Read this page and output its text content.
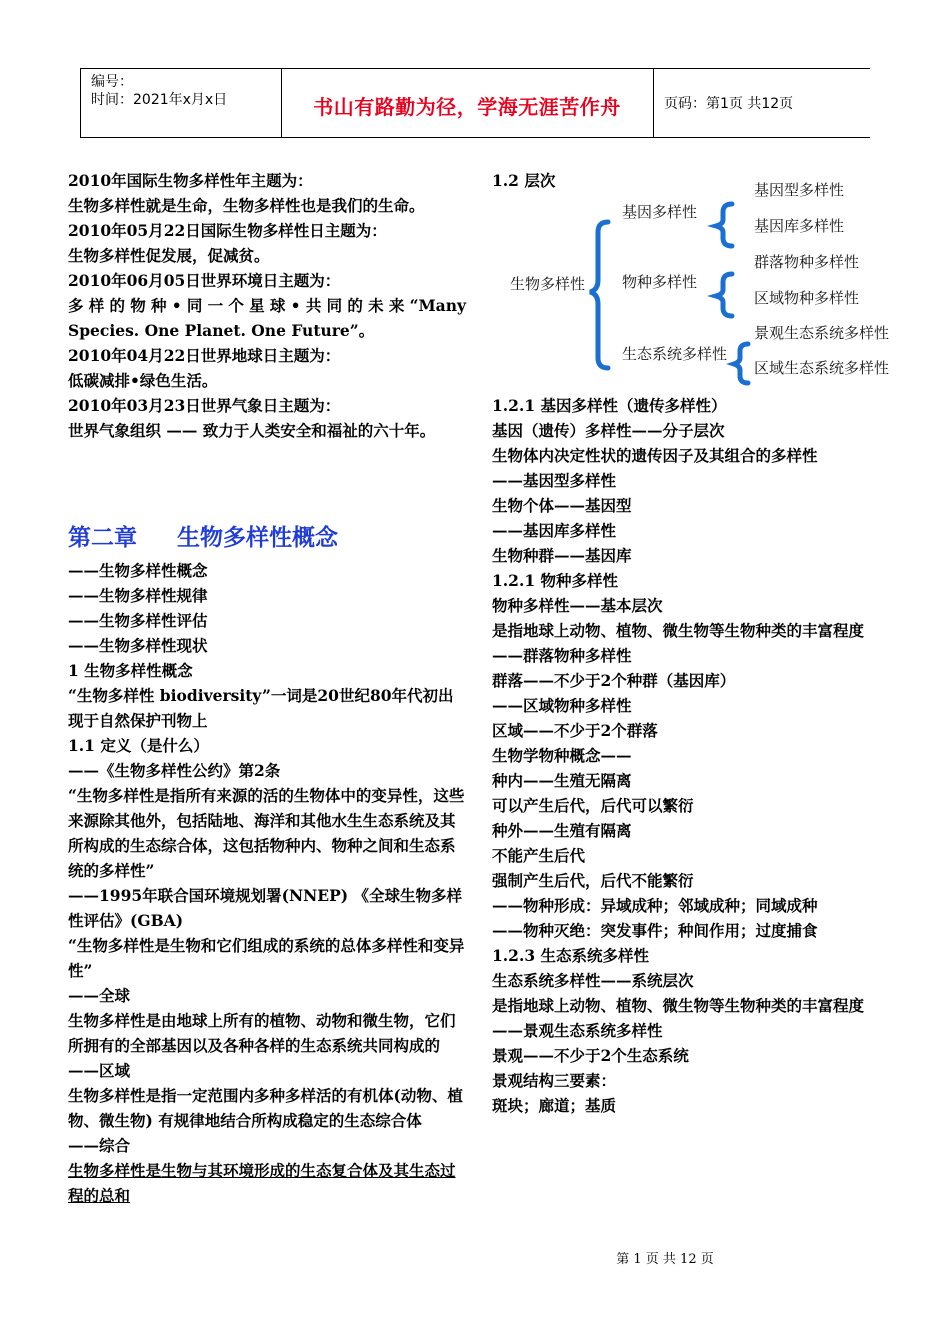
编号：
时间：2021年x月x日	书山有路勤为径，学海无涯苦作舟	页码：第1页 共12页

2010年国际生物多样性年主题为：

生物多样性就是生命，生物多样性也是我们的生命。

2010年05月22日国际生物多样性日主题为：

生物多样性促发展，促减贫。

2010年06月05日世界环境日主题为：

多样的物种•同一个星球•共同的未来“Many

Species. One Planet. One Future”。

2010年04月22日世界地球日主题为：

低碳减排•绿色生活。

2010年03月23日世界气象日主题为：

世界气象组织 —— 致力于人类安全和福祉的六十年。

第二章 生物多样性概念

——生物多样性概念

——生物多样性规律

——生物多样性评估

——生物多样性现状

1 生物多样性概念

“生物多样性 biodiversity”一词是20世纪80年代初出现于自然保护刊物上

1.1 定义（是什么）

——《生物多样性公约》第2条

“生物多样性是指所有来源的活的生物体中的变异性，这些来源除其他外，包括陆地、海洋和其他水生生态系统及其所构成的生态综合体，这包括物种内、物种之间和生态系统的多样性”

——1995年联合国环境规划署(NNEP) 《全球生物多样性评估》(GBA)

“生物多样性是生物和它们组成的系统的总体多样性和变异性”

——全球

生物多样性是由地球上所有的植物、动物和微生物，它们所拥有的全部基因以及各种各样的生态系统共同构成的

——区域

生物多样性是指一定范围内多种多样活的有机体(动物、植物、微生物) 有规律地结合所构成稳定的生态综合体

——综合

生物多样性是生物与其环境形成的生态复合体及其生态过程的总和

1.2 层次

1.2.1 基因多样性（遗传多样性）

基因（遗传）多样性——分子层次

生物体内决定性状的遗传因子及其组合的多样性

——基因型多样性

生物个体——基因型

——基因库多样性

生物种群——基因库

1.2.1 物种多样性

物种多样性——基本层次

是指地球上动物、植物、微生物等生物种类的丰富程度

——群落物种多样性

群落——不少于2个种群（基因库）

——区域物种多样性

区域——不少于2个群落

生物学物种概念——

种内——生殖无隔离

可以产生后代，后代可以繁衍

种外——生殖有隔离

不能产生后代

强制产生后代，后代不能繁衍

——物种形成：异域成种；邻域成种；同域成种

——物种灭绝：突发事件；种间作用；过度捕食

1.2.3 生态系统多样性

生态系统多样性——系统层次

是指地球上动物、植物、微生物等生物种类的丰富程度

——景观生态系统多样性

景观——不少于2个生态系统

景观结构三要素：

斑块；廊道；基质

生物多样性
基因多样性
物种多样性
生态系统多样性
基因型多样性
基因库多样性
群落物种多样性
区域物种多样性
景观生态系统多样性
区域生态系统多样性
第 1 页 共 12 页
